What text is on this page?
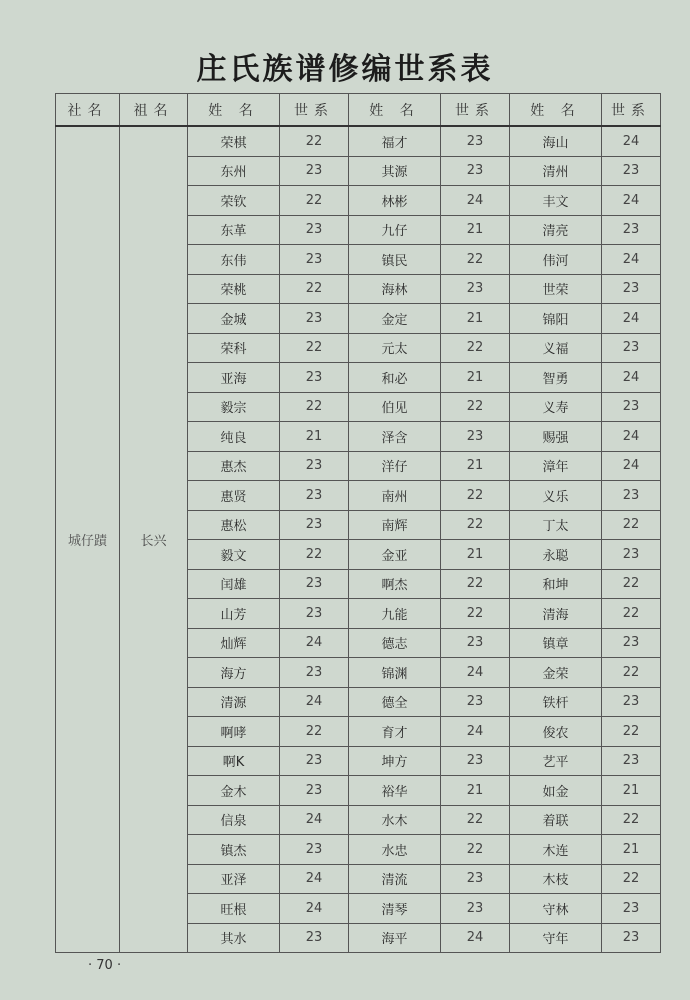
庄氏族谱修编世系表
社名	祖名	姓 名	世系	姓 名	世系	姓 名	世系
城仔蹟	长兴	荣棋	22	福才	23	海山	24
		东州	23	其源	23	清州	23
		荣钦	22	林彬	24	丰文	24
		东革	23	九仔	21	清亮	23
		东伟	23	镇民	22	伟河	24
		荣桃	22	海林	23	世荣	23
		金城	23	金定	21	锦阳	24
		荣科	22	元太	22	义福	23
		亚海	23	和必	21	智勇	24
		毅宗	22	伯见	22	义寿	23
		纯良	21	泽含	23	赐强	24
		惠杰	23	洋仔	21	漳年	24
		惠贤	23	南州	22	义乐	23
		惠松	23	南辉	22	丁太	22
		毅文	22	金亚	21	永聪	23
		闰雄	23	啊杰	22	和坤	22
		山芳	23	九能	22	清海	22
		灿辉	24	德志	23	镇章	23
		海方	23	锦渊	24	金荣	22
		清源	24	德全	23	铁杆	23
		啊哮	22	育才	24	俊农	22
		啊K	23	坤方	23	艺平	23
		金木	23	裕华	21	如金	21
		信泉	24	水木	22	着联	22
		镇杰	23	水忠	22	木连	21
		亚泽	24	清流	23	木枝	22
		旺根	24	清琴	23	守林	23
		其水	23	海平	24	守年	23
· 70 ·
